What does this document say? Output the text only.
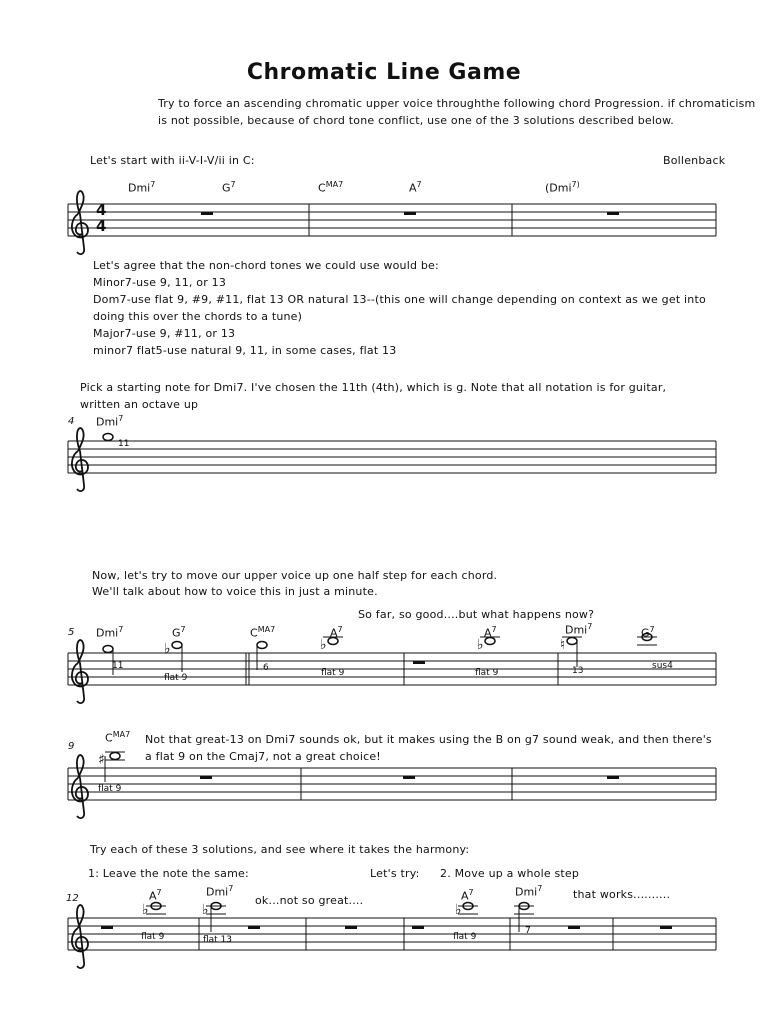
♭	♭	♭	♮
♯
♭	♭	♭
Chromatic Line Game
Try to force an ascending chromatic upper voice throughthe following chord Progression. if chromaticism
is not possible, because of chord tone conflict, use one of the 3 solutions described below.
Let's start with ii-V-I-V/ii in C:	Bollenback
Dmi$^7$	$G^7$	$C^{MA7}$	$A^7$	(Dmi$^{7)}$
4
4
Let's agree that the non-chord tones we could use would be:
Minor7-use 9, 11, or 13
Dom7-use flat 9, #9, #11, flat 13 OR natural 13--(this one will change depending on context as we get into
doing this over the chords to a tune)
Major7-use 9, #11, or 13
minor7 flat5-use natural 9, 11, in some cases, flat 13
Pick a starting note for Dmi7. I've chosen the 11th (4th), which is g. Note that all notation is for guitar,
written an octave up
4 Dmi$^7$
11
Now, let's try to move our upper voice up one half step for each chord.
We'll talk about how to voice this in just a minute.
So far, so good....but what happens now?
5 Dmi$^7$	$G^7$	$C^{MA7}$	$A^7$	$A^7$	Dmi$^7$
$G^7$
11
flat 9
6	flat 9	flat 9	13	sus4
9
$C^{MA7}$ Not that great-13 on Dmi7 sounds ok, but it makes using the B on g7 sound weak, and then there's
a flat 9 on the Cmaj7, not a great choice!
flat 9
Try each of these 3 solutions, and see where it takes the harmony:
1: Leave the note the same:	Let's try: 2. Move up a whole step
12	$A^7$	Dmi$^7$
ok...not so great....	$A^7$	Dmi$^7$	that works..........
flat 9	flat 13	flat 9
7
